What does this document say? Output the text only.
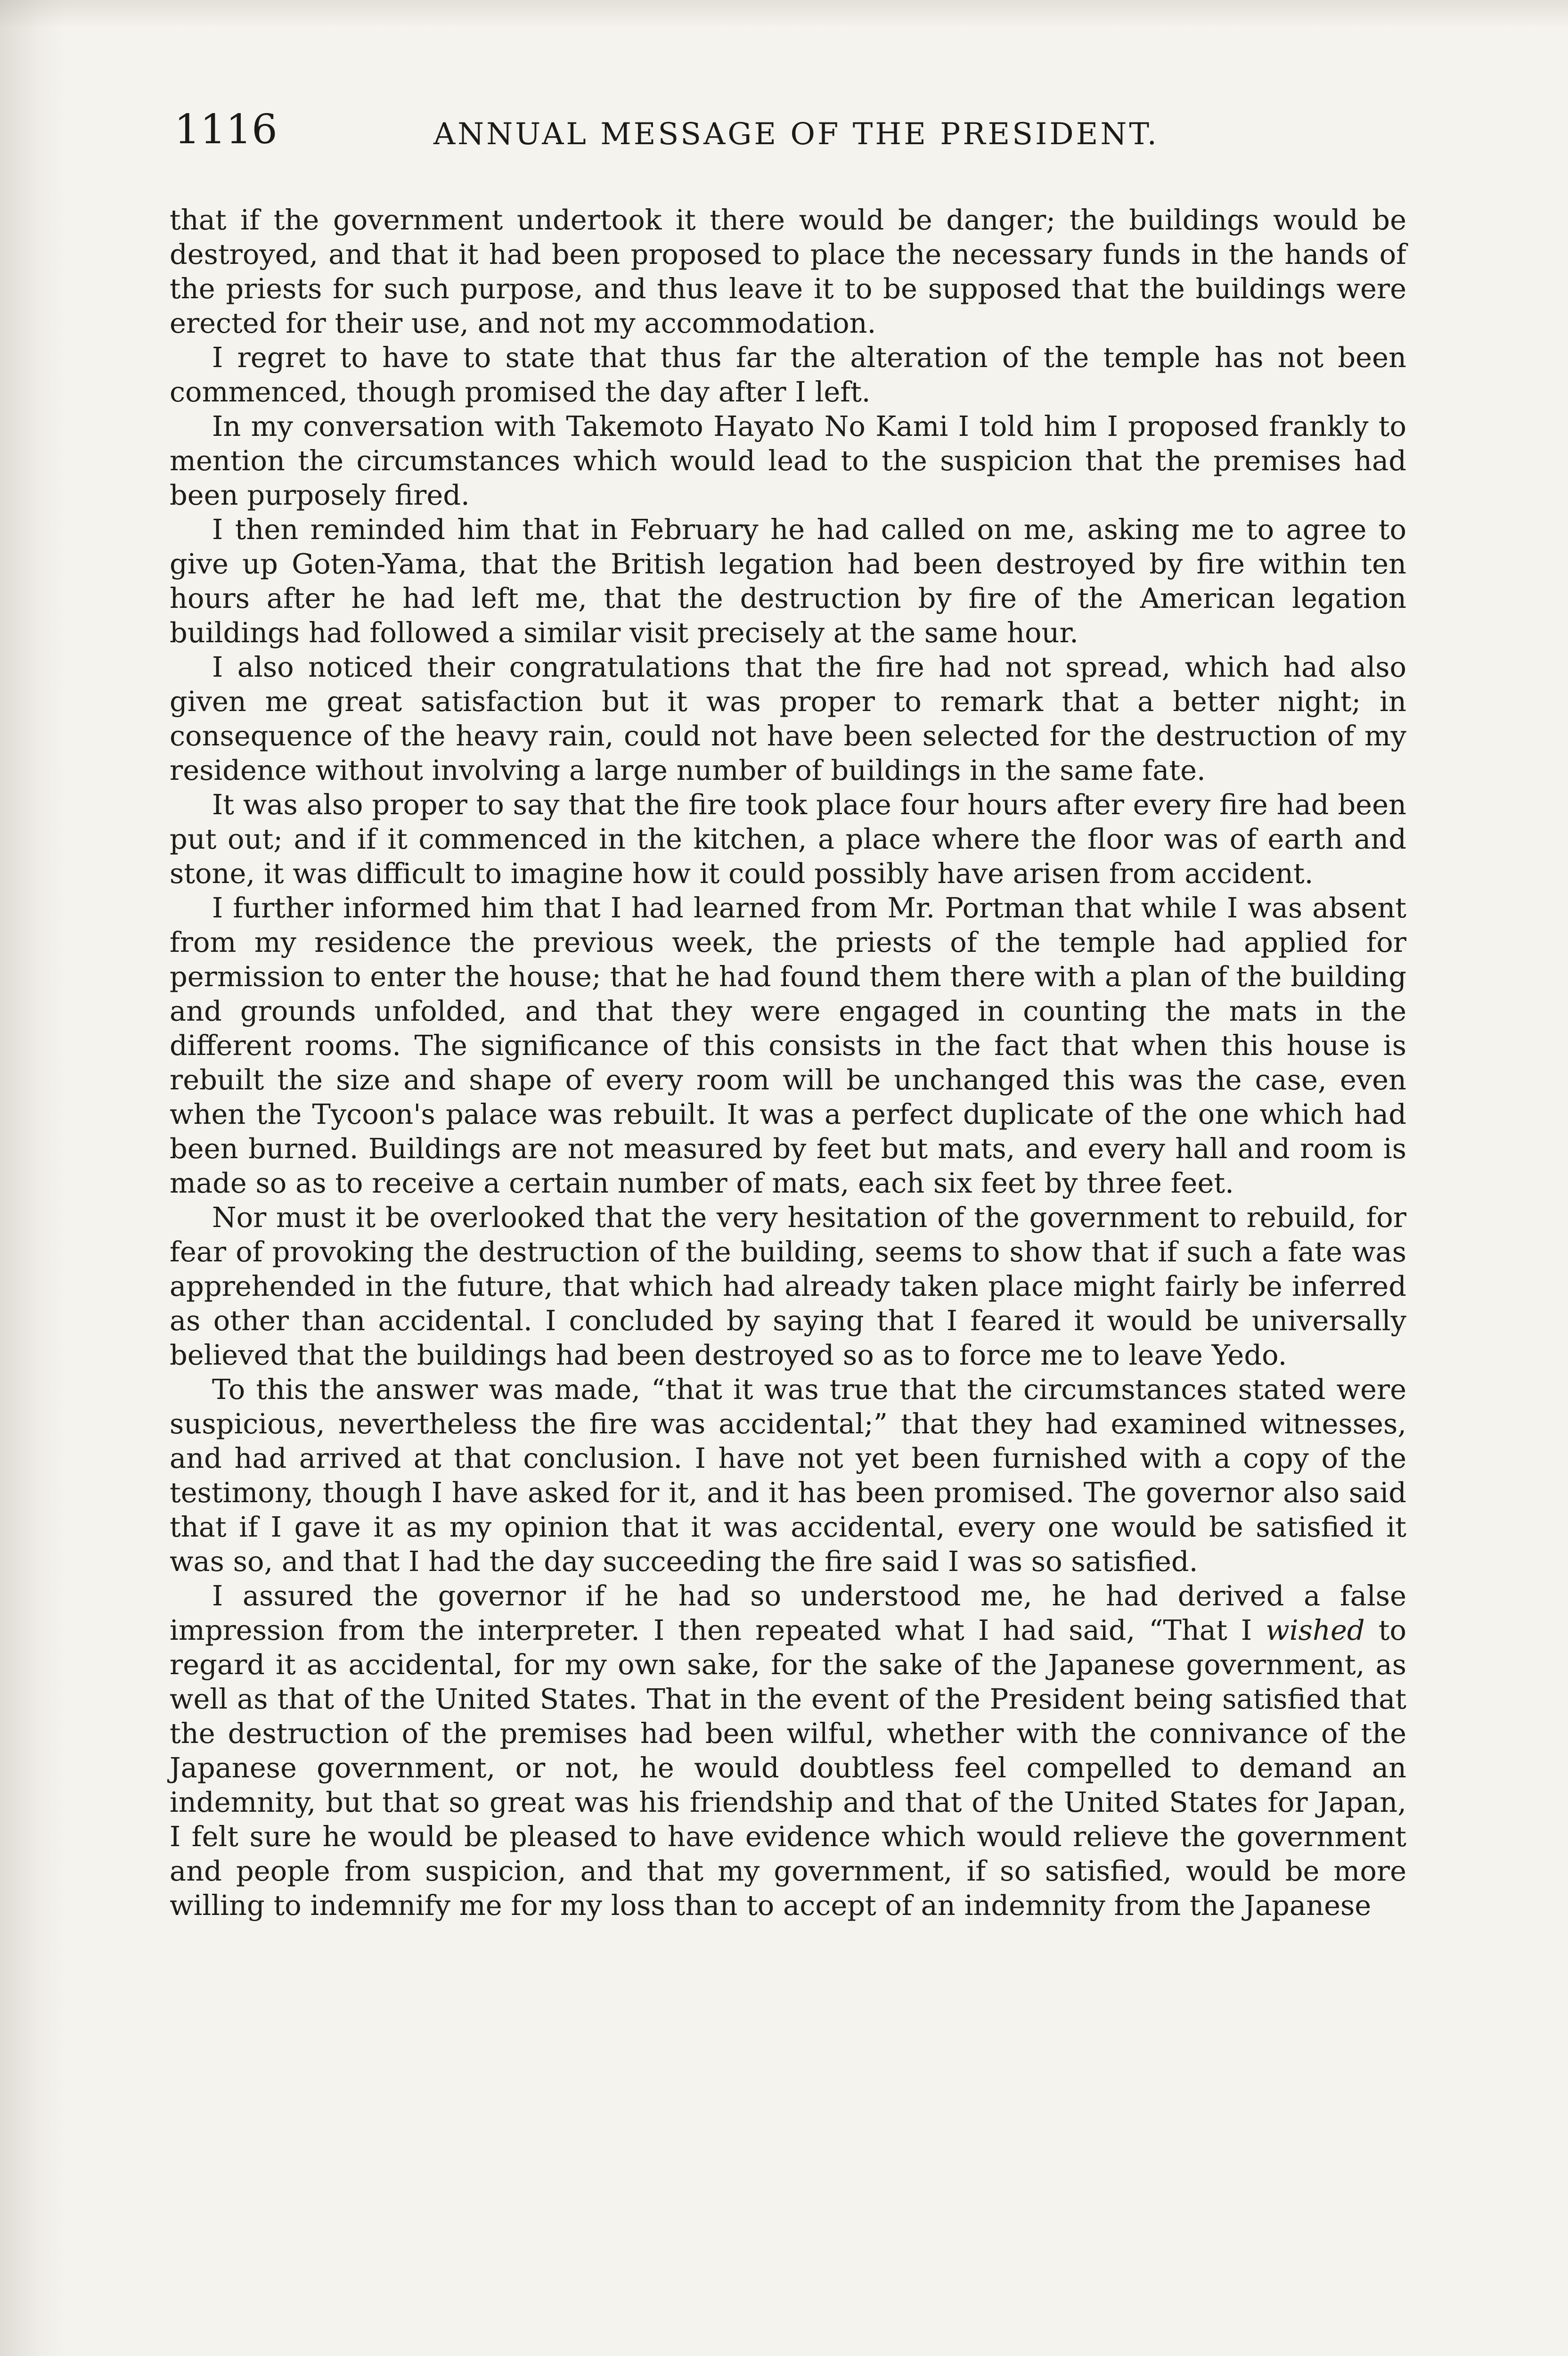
1116	ANNUAL MESSAGE OF THE PRESIDENT.

that if the government undertook it there would be danger; the buildings would be destroyed, and that it had been proposed to place the necessary funds in the hands of the priests for such purpose, and thus leave it to be supposed that the buildings were erected for their use, and not my accommodation.

I regret to have to state that thus far the alteration of the temple has not been commenced, though promised the day after I left.

In my conversation with Takemoto Hayato No Kami I told him I proposed frankly to mention the circumstances which would lead to the suspicion that the premises had been purposely fired.

I then reminded him that in February he had called on me, asking me to agree to give up Goten-Yama, that the British legation had been destroyed by fire within ten hours after he had left me, that the destruction by fire of the American legation buildings had followed a similar visit precisely at the same hour.

I also noticed their congratulations that the fire had not spread, which had also given me great satisfaction but it was proper to remark that a better night; in consequence of the heavy rain, could not have been selected for the destruction of my residence without involving a large number of buildings in the same fate.

It was also proper to say that the fire took place four hours after every fire had been put out; and if it commenced in the kitchen, a place where the floor was of earth and stone, it was difficult to imagine how it could possibly have arisen from accident.

I further informed him that I had learned from Mr. Portman that while I was absent from my residence the previous week, the priests of the temple had applied for permission to enter the house; that he had found them there with a plan of the building and grounds unfolded, and that they were engaged in counting the mats in the different rooms. The significance of this consists in the fact that when this house is rebuilt the size and shape of every room will be unchanged this was the case, even when the Tycoon's palace was rebuilt. It was a perfect duplicate of the one which had been burned. Buildings are not measured by feet but mats, and every hall and room is made so as to receive a certain number of mats, each six feet by three feet.

Nor must it be overlooked that the very hesitation of the government to rebuild, for fear of provoking the destruction of the building, seems to show that if such a fate was apprehended in the future, that which had already taken place might fairly be inferred as other than accidental. I concluded by saying that I feared it would be universally believed that the buildings had been destroyed so as to force me to leave Yedo.

To this the answer was made, “that it was true that the circumstances stated were suspicious, nevertheless the fire was accidental;” that they had examined witnesses, and had arrived at that conclusion. I have not yet been furnished with a copy of the testimony, though I have asked for it, and it has been promised. The governor also said that if I gave it as my opinion that it was accidental, every one would be satisfied it was so, and that I had the day succeeding the fire said I was so satisfied.

I assured the governor if he had so understood me, he had derived a false impression from the interpreter. I then repeated what I had said, “That I wished to regard it as accidental, for my own sake, for the sake of the Japanese government, as well as that of the United States. That in the event of the President being satisfied that the destruction of the premises had been wilful, whether with the connivance of the Japanese government, or not, he would doubtless feel compelled to demand an indemnity, but that so great was his friendship and that of the United States for Japan, I felt sure he would be pleased to have evidence which would relieve the government and people from suspicion, and that my government, if so satisfied, would be more willing to indemnify me for my loss than to accept of an indemnity from the Japanese
